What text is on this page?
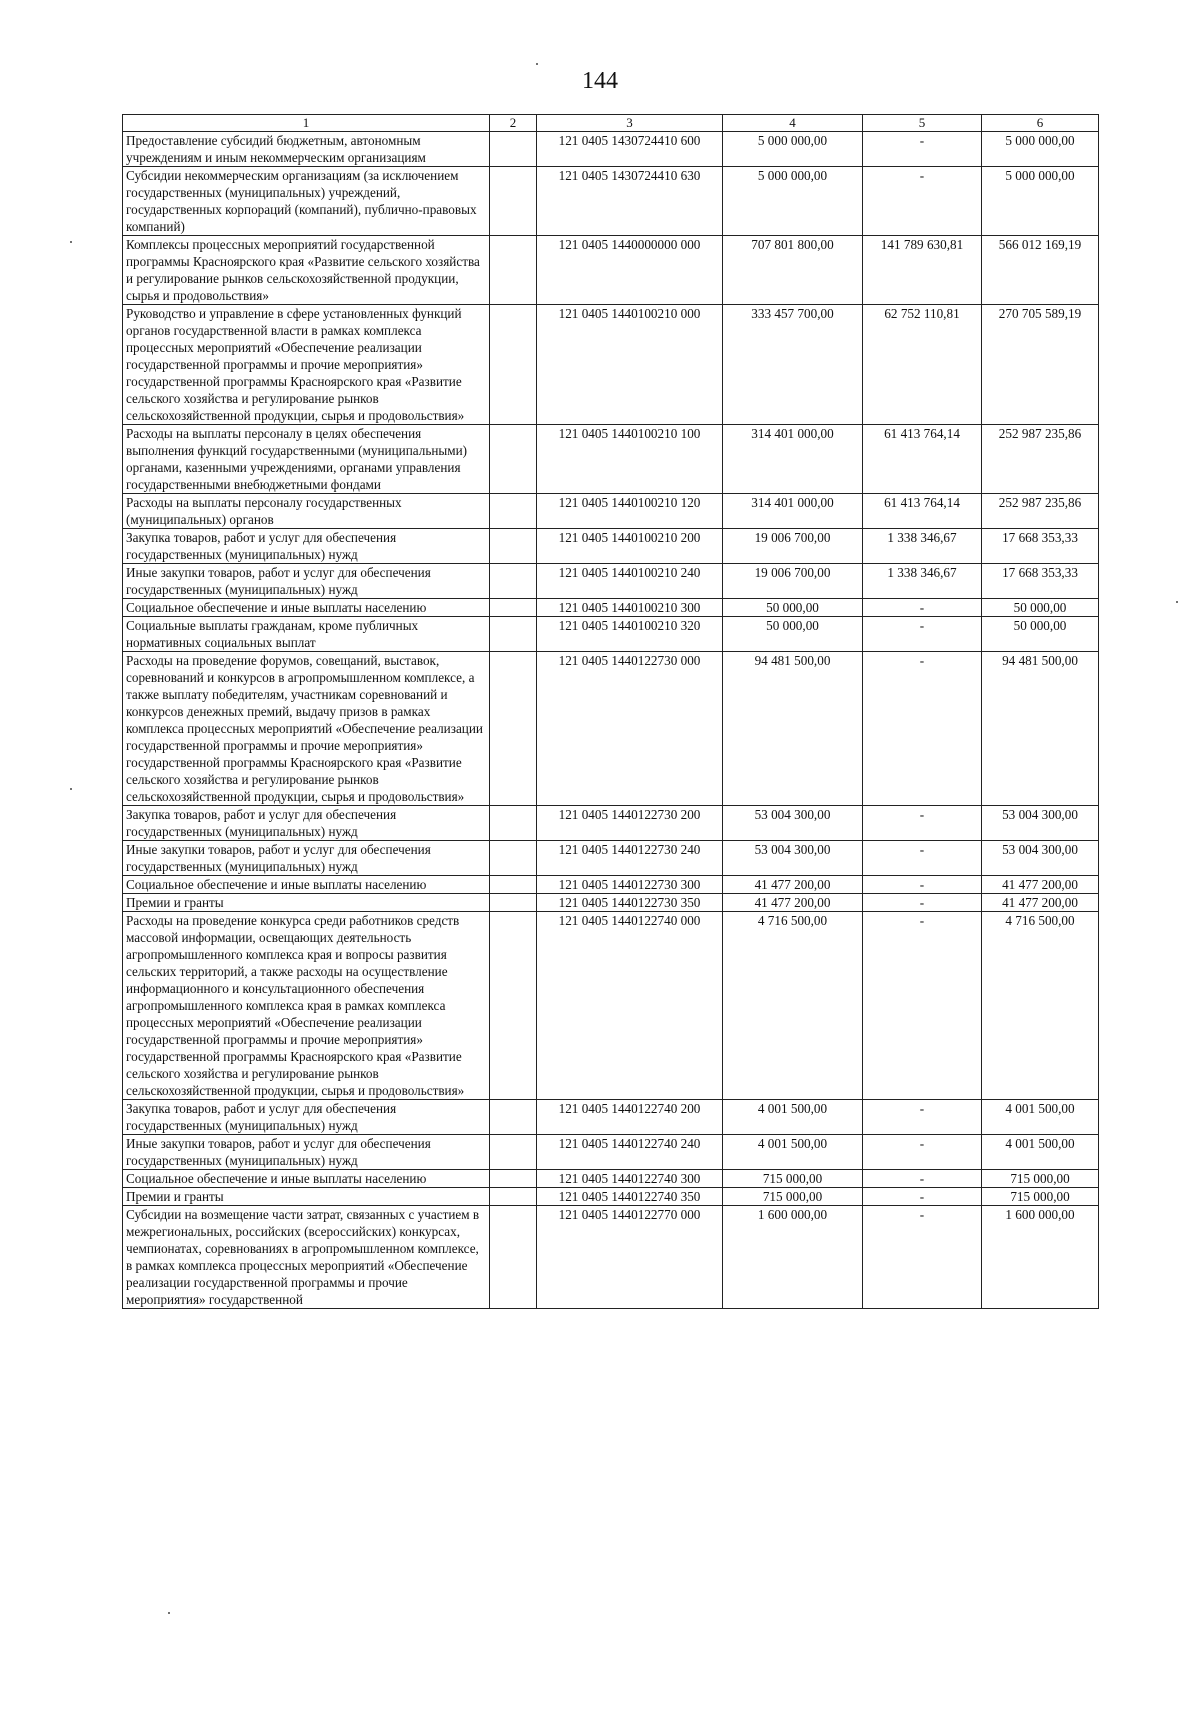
144
1	2	3	4	5	6
Предоставление субсидий бюджетным, автономным учреждениям и иным некоммерческим организациям		121 0405 1430724410 600	5 000 000,00	-	5 000 000,00
Субсидии некоммерческим организациям (за исключением государственных (муниципальных) учреждений, государственных корпораций (компаний), публично-правовых компаний)		121 0405 1430724410 630	5 000 000,00	-	5 000 000,00
Комплексы процессных мероприятий государственной программы Красноярского края «Развитие сельского хозяйства и регулирование рынков сельскохозяйственной продукции, сырья и продовольствия»		121 0405 1440000000 000	707 801 800,00	141 789 630,81	566 012 169,19
Руководство и управление в сфере установленных функций органов государственной власти в рамках комплекса процессных мероприятий «Обеспечение реализации государственной программы и прочие мероприятия» государственной программы Красноярского края «Развитие сельского хозяйства и регулирование рынков сельскохозяйственной продукции, сырья и продовольствия»		121 0405 1440100210 000	333 457 700,00	62 752 110,81	270 705 589,19
Расходы на выплаты персоналу в целях обеспечения выполнения функций государственными (муниципальными) органами, казенными учреждениями, органами управления государственными внебюджетными фондами		121 0405 1440100210 100	314 401 000,00	61 413 764,14	252 987 235,86
Расходы на выплаты персоналу государственных (муниципальных) органов		121 0405 1440100210 120	314 401 000,00	61 413 764,14	252 987 235,86
Закупка товаров, работ и услуг для обеспечения государственных (муниципальных) нужд		121 0405 1440100210 200	19 006 700,00	1 338 346,67	17 668 353,33
Иные закупки товаров, работ и услуг для обеспечения государственных (муниципальных) нужд		121 0405 1440100210 240	19 006 700,00	1 338 346,67	17 668 353,33
Социальное обеспечение и иные выплаты населению		121 0405 1440100210 300	50 000,00	-	50 000,00
Социальные выплаты гражданам, кроме публичных нормативных социальных выплат		121 0405 1440100210 320	50 000,00	-	50 000,00
Расходы на проведение форумов, совещаний, выставок, соревнований и конкурсов в агропромышленном комплексе, а также выплату победителям, участникам соревнований и конкурсов денежных премий, выдачу призов в рамках комплекса процессных мероприятий «Обеспечение реализации государственной программы и прочие мероприятия» государственной программы Красноярского края «Развитие сельского хозяйства и регулирование рынков сельскохозяйственной продукции, сырья и продовольствия»		121 0405 1440122730 000	94 481 500,00	-	94 481 500,00
Закупка товаров, работ и услуг для обеспечения государственных (муниципальных) нужд		121 0405 1440122730 200	53 004 300,00	-	53 004 300,00
Иные закупки товаров, работ и услуг для обеспечения государственных (муниципальных) нужд		121 0405 1440122730 240	53 004 300,00	-	53 004 300,00
Социальное обеспечение и иные выплаты населению		121 0405 1440122730 300	41 477 200,00	-	41 477 200,00
Премии и гранты		121 0405 1440122730 350	41 477 200,00	-	41 477 200,00
Расходы на проведение конкурса среди работников средств массовой информации, освещающих деятельность агропромышленного комплекса края и вопросы развития сельских территорий, а также расходы на осуществление информационного и консультационного обеспечения агропромышленного комплекса края в рамках комплекса процессных мероприятий «Обеспечение реализации государственной программы и прочие мероприятия» государственной программы Красноярского края «Развитие сельского хозяйства и регулирование рынков сельскохозяйственной продукции, сырья и продовольствия»		121 0405 1440122740 000	4 716 500,00	-	4 716 500,00
Закупка товаров, работ и услуг для обеспечения государственных (муниципальных) нужд		121 0405 1440122740 200	4 001 500,00	-	4 001 500,00
Иные закупки товаров, работ и услуг для обеспечения государственных (муниципальных) нужд		121 0405 1440122740 240	4 001 500,00	-	4 001 500,00
Социальное обеспечение и иные выплаты населению		121 0405 1440122740 300	715 000,00	-	715 000,00
Премии и гранты		121 0405 1440122740 350	715 000,00	-	715 000,00
Субсидии на возмещение части затрат, связанных с участием в межрегиональных, российских (всероссийских) конкурсах, чемпионатах, соревнованиях в агропромышленном комплексе, в рамках комплекса процессных мероприятий «Обеспечение реализации государственной программы и прочие мероприятия» государственной		121 0405 1440122770 000	1 600 000,00	-	1 600 000,00
